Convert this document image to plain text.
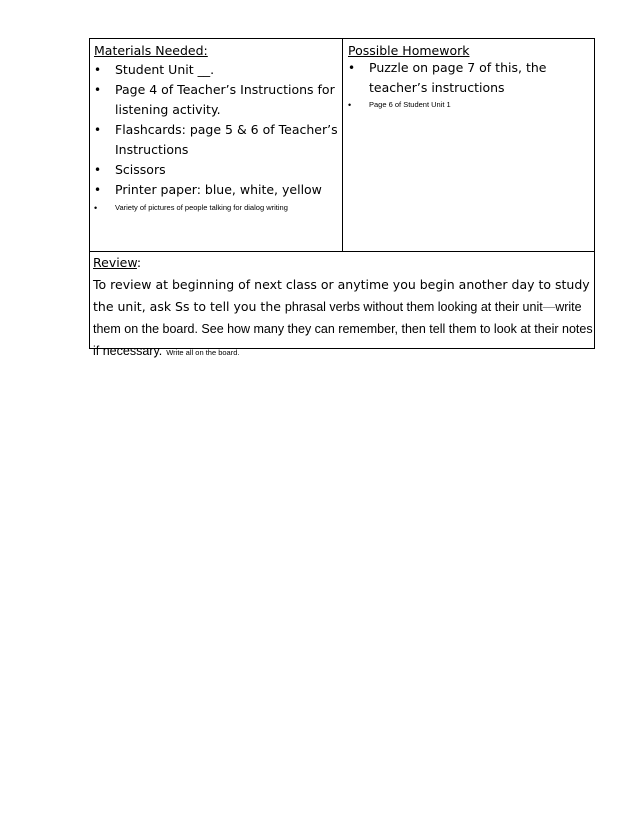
Materials Needed:
• Student Unit __.
• Page 4 of Teacher’s Instructions for listening activity.
• Flashcards: page 5 & 6 of Teacher’s Instructions
• Scissors
• Printer paper: blue, white, yellow
• Variety of pictures of people talking for dialog writing
Possible Homework
• Puzzle on page 7 of this, the teacher’s instructions
• Page 6 of Student Unit 1
Review:
To review at beginning of next class or anytime you begin another day to study the unit, ask Ss to tell you the phrasal verbs without them looking at their unit—write them on the board. See how many they can remember, then tell them to look at their notes if necessary. Write all on the board.
